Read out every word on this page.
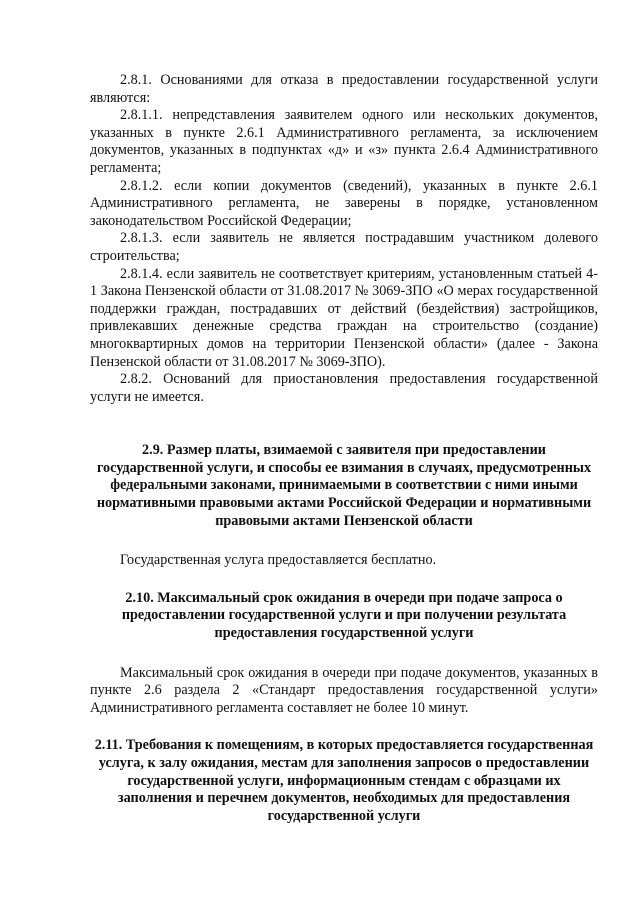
2.8.1. Основаниями для отказа в предоставлении государственной услуги являются:

2.8.1.1. непредставления заявителем одного или нескольких документов, указанных в пункте 2.6.1 Административного регламента, за исключением документов, указанных в подпунктах «д» и «з» пункта 2.6.4 Административного регламента;

2.8.1.2. если копии документов (сведений), указанных в пункте 2.6.1 Административного регламента, не заверены в порядке, установленном законодательством Российской Федерации;

2.8.1.3. если заявитель не является пострадавшим участником долевого строительства;

2.8.1.4. если заявитель не соответствует критериям, установленным статьей 4-1 Закона Пензенской области от 31.08.2017 № 3069-ЗПО «О мерах государственной поддержки граждан, пострадавших от действий (бездействия) застройщиков, привлекавших денежные средства граждан на строительство (создание) многоквартирных домов на территории Пензенской области» (далее - Закона Пензенской области от 31.08.2017 № 3069-ЗПО).

2.8.2. Оснований для приостановления предоставления государственной услуги не имеется.

2.9. Размер платы, взимаемой с заявителя при предоставлении государственной услуги, и способы ее взимания в случаях, предусмотренных федеральными законами, принимаемыми в соответствии с ними иными нормативными правовыми актами Российской Федерации и нормативными правовыми актами Пензенской области

Государственная услуга предоставляется бесплатно.

2.10. Максимальный срок ожидания в очереди при подаче запроса о предоставлении государственной услуги и при получении результата предоставления государственной услуги

Максимальный срок ожидания в очереди при подаче документов, указанных в пункте 2.6 раздела 2 «Стандарт предоставления государственной услуги» Административного регламента составляет не более 10 минут.

2.11. Требования к помещениям, в которых предоставляется государственная услуга, к залу ожидания, местам для заполнения запросов о предоставлении государственной услуги, информационным стендам с образцами их заполнения и перечнем документов, необходимых для предоставления государственной услуги
